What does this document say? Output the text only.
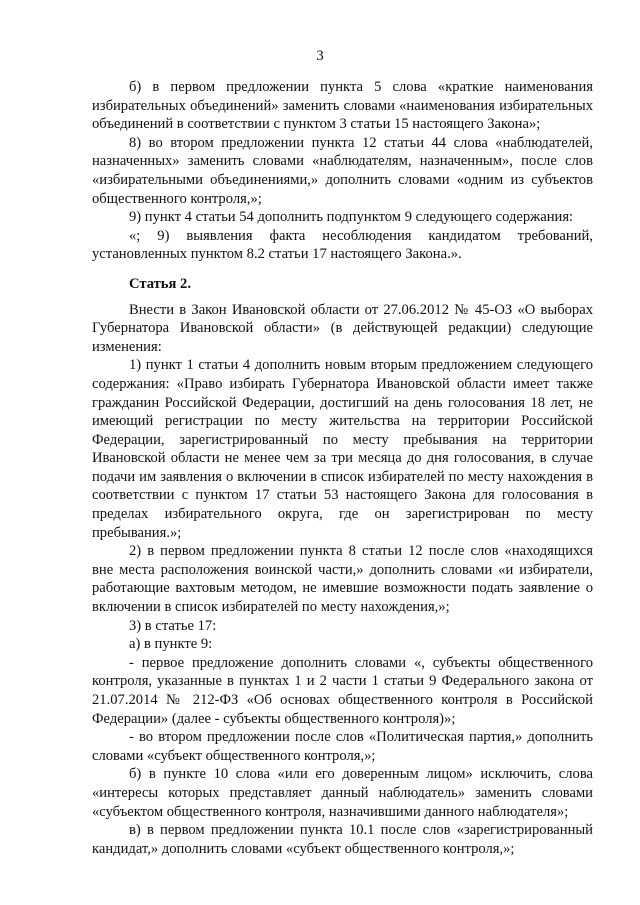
3

б) в первом предложении пункта 5 слова «краткие наименования избирательных объединений» заменить словами «наименования избирательных объединений в соответствии с пунктом 3 статьи 15 настоящего Закона»;

8) во втором предложении пункта 12 статьи 44 слова «наблюдателей, назначенных» заменить словами «наблюдателям, назначенным», после слов «избирательными объединениями,» дополнить словами «одним из субъектов общественного контроля,»;

9) пункт 4 статьи 54 дополнить подпунктом 9 следующего содержания:

«; 9) выявления факта несоблюдения кандидатом требований, установленных пунктом 8.2 статьи 17 настоящего Закона.».

Статья 2.

Внести в Закон Ивановской области от 27.06.2012 № 45-ОЗ «О выборах Губернатора Ивановской области» (в действующей редакции) следующие изменения:

1) пункт 1 статьи 4 дополнить новым вторым предложением следующего содержания: «Право избирать Губернатора Ивановской области имеет также гражданин Российской Федерации, достигший на день голосования 18 лет, не имеющий регистрации по месту жительства на территории Российской Федерации, зарегистрированный по месту пребывания на территории Ивановской области не менее чем за три месяца до дня голосования, в случае подачи им заявления о включении в список избирателей по месту нахождения в соответствии с пунктом 17 статьи 53 настоящего Закона для голосования в пределах избирательного округа, где он зарегистрирован по месту пребывания.»;

2) в первом предложении пункта 8 статьи 12 после слов «находящихся вне места расположения воинской части,» дополнить словами «и избиратели, работающие вахтовым методом, не имевшие возможности подать заявление о включении в список избирателей по месту нахождения,»;

3) в статье 17:

а) в пункте 9:

- первое предложение дополнить словами «, субъекты общественного контроля, указанные в пунктах 1 и 2 части 1 статьи 9 Федерального закона от 21.07.2014 № 212-ФЗ «Об основах общественного контроля в Российской Федерации» (далее - субъекты общественного контроля)»;

- во втором предложении после слов «Политическая партия,» дополнить словами «субъект общественного контроля,»;

б) в пункте 10 слова «или его доверенным лицом» исключить, слова «интересы которых представляет данный наблюдатель» заменить словами «субъектом общественного контроля, назначившими данного наблюдателя»;

в) в первом предложении пункта 10.1 после слов «зарегистрированный кандидат,» дополнить словами «субъект общественного контроля,»;
